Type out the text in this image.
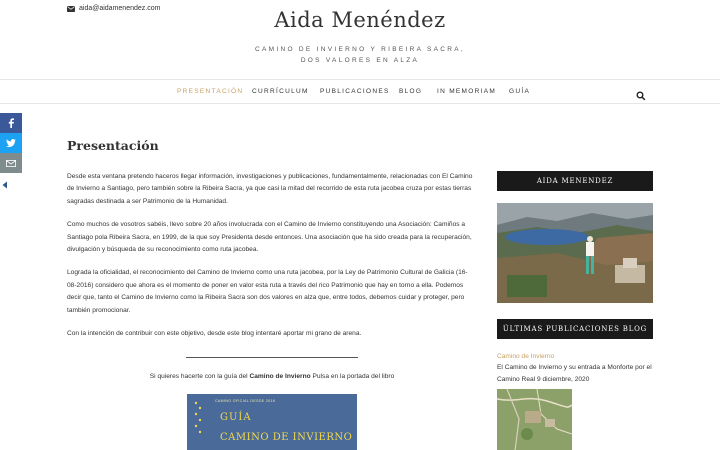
aida@aidamenendez.com	Aida Menéndez
CAMINO DE INVIERNO Y RIBEIRA SACRA, DOS VALORES EN ALZA
PRESENTACIÓN CURRÍCULUM PUBLICACIONES BLOG IN MEMORIAM GUÍA
Presentación

Desde esta ventana pretendo haceros llegar información, investigaciones y publicaciones, fundamentalmente, relacionadas con El Camino de Invierno a Santiago, pero también sobre la Ribeira Sacra, ya que casi la mitad del recorrido de esta ruta jacobea cruza por estas tierras sagradas destinada a ser Patrimonio de la Humanidad.

Como muchos de vosotros sabéis, llevo sobre 20 años involucrada con el Camino de Invierno constituyendo una Asociación: Camiños a Santiago pola Ribeira Sacra, en 1999, de la que soy Presidenta desde entonces. Una asociación que ha sido creada para la recuperación, divulgación y búsqueda de su reconocimiento como ruta jacobea.

Lograda la oficialidad, el reconocimiento del Camino de Invierno como una ruta jacobea, por la Ley de Patrimonio Cultural de Galicia (16-08-2016) considero que ahora es el momento de poner en valor esta ruta a través del rico Patrimonio que hay en torno a ella. Podemos decir que, tanto el Camino de Invierno como la Ribeira Sacra son dos valores en alza que, entre todos, debemos cuidar y proteger, pero también promocionar.

Con la intención de contribuir con este objetivo, desde este blog intentaré aportar mi grano de arena.

Si quieres hacerte con la guía del Camino de Invierno Pulsa en la portada del libro

CAMINO OFICIAL DESDE 2016
GUÍA
CAMINO DE INVIERNO
AIDA MENENDEZ
ÚLTIMAS PUBLICACIONES BLOG
Camino de Invierno

El Camino de Invierno y su entrada a Monforte por el Camino Real 9 diciembre, 2020
